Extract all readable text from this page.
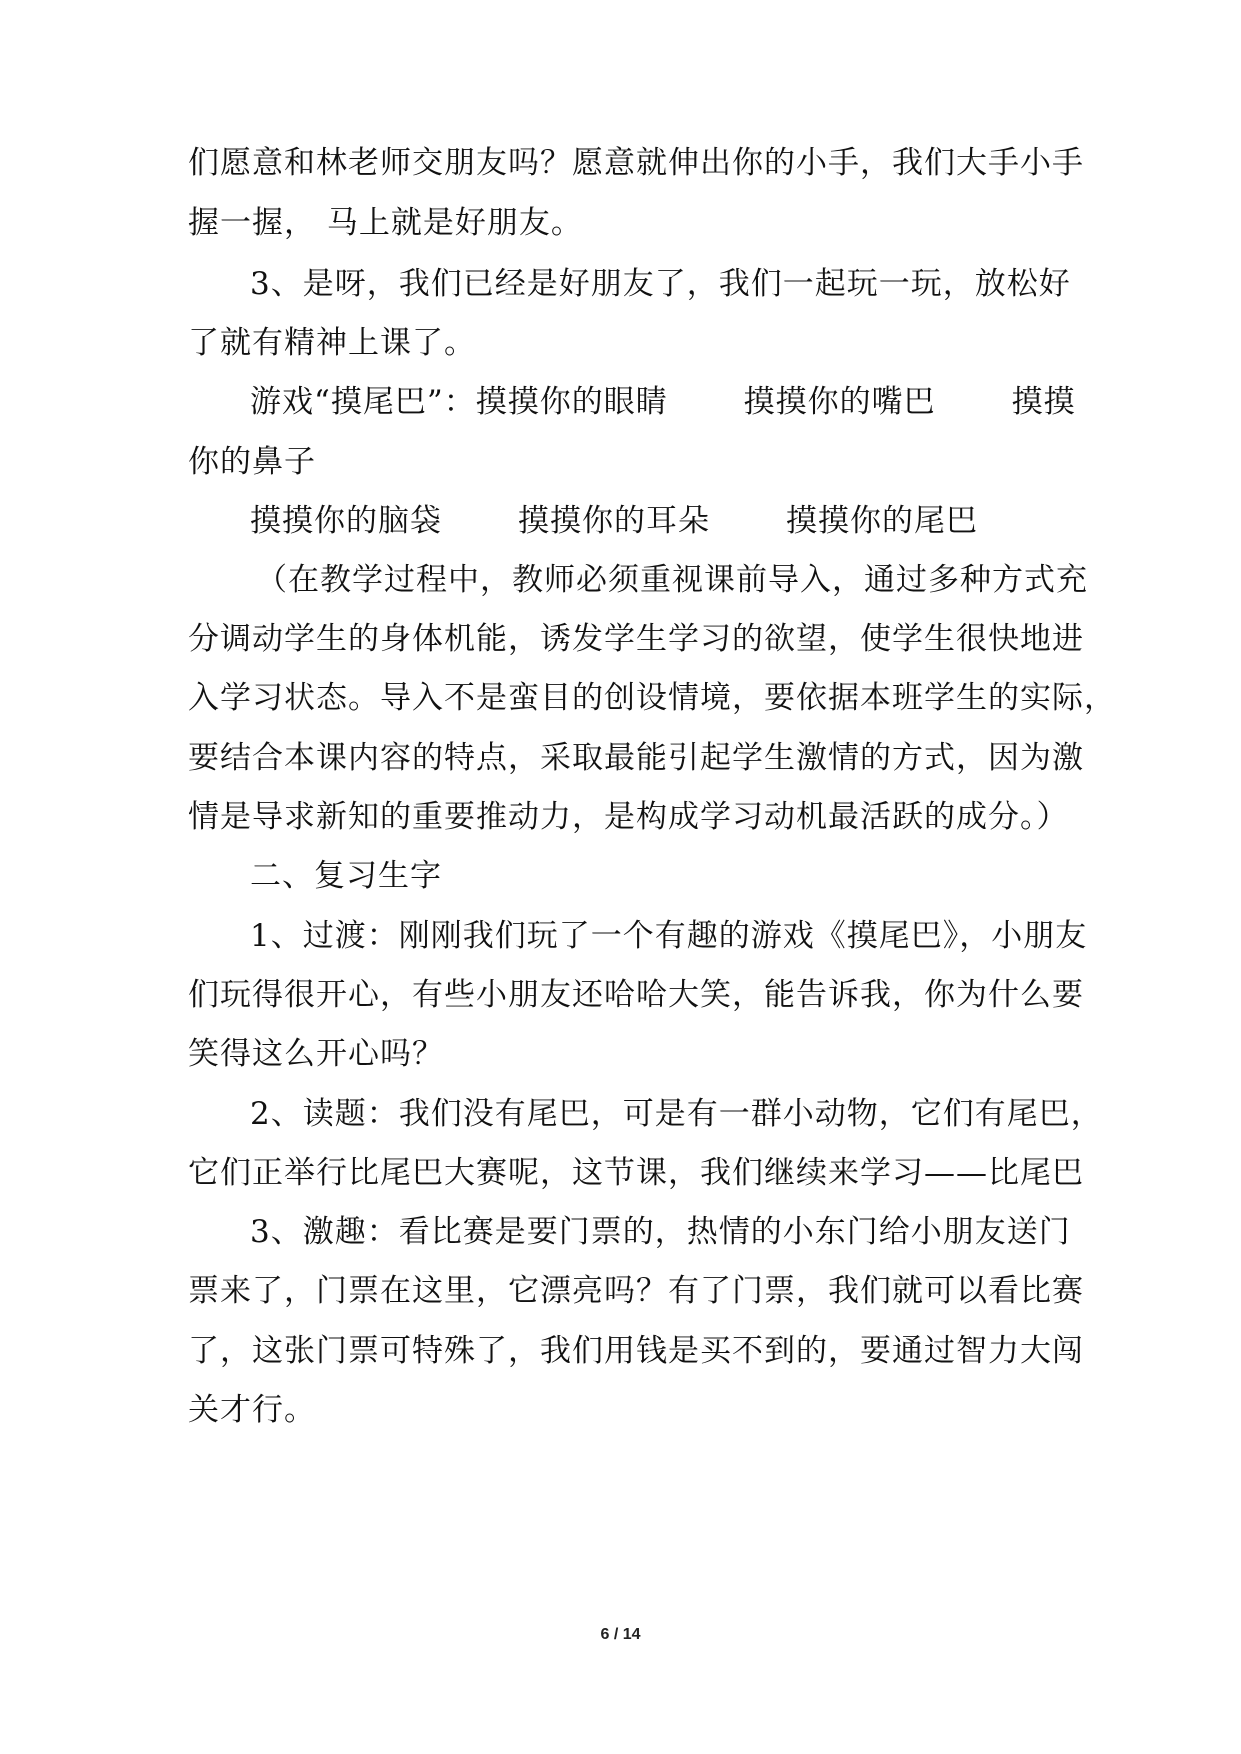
们愿意和林老师交朋友吗？愿意就伸出你的小手，我们大手小手
握一握， 马上就是好朋友。
3、是呀，我们已经是好朋友了，我们一起玩一玩，放松好
了就有精神上课了。
游戏“摸尾巴”：摸摸你的眼睛       摸摸你的嘴巴       摸摸
你的鼻子
摸摸你的脑袋       摸摸你的耳朵       摸摸你的尾巴
（在教学过程中，教师必须重视课前导入，通过多种方式充
分调动学生的身体机能，诱发学生学习的欲望，使学生很快地进
入学习状态。导入不是蛮目的创设情境，要依据本班学生的实际，
要结合本课内容的特点，采取最能引起学生激情的方式，因为激
情是导求新知的重要推动力，是构成学习动机最活跃的成分。）
二、复习生字
1、过渡：刚刚我们玩了一个有趣的游戏《摸尾巴》，小朋友
们玩得很开心，有些小朋友还哈哈大笑，能告诉我，你为什么要
笑得这么开心吗？
2、读题：我们没有尾巴，可是有一群小动物，它们有尾巴，
它们正举行比尾巴大赛呢，这节课，我们继续来学习——比尾巴
3、激趣：看比赛是要门票的，热情的小东门给小朋友送门
票来了，门票在这里，它漂亮吗？有了门票，我们就可以看比赛
了，这张门票可特殊了，我们用钱是买不到的，要通过智力大闯
关才行。
6 / 14
